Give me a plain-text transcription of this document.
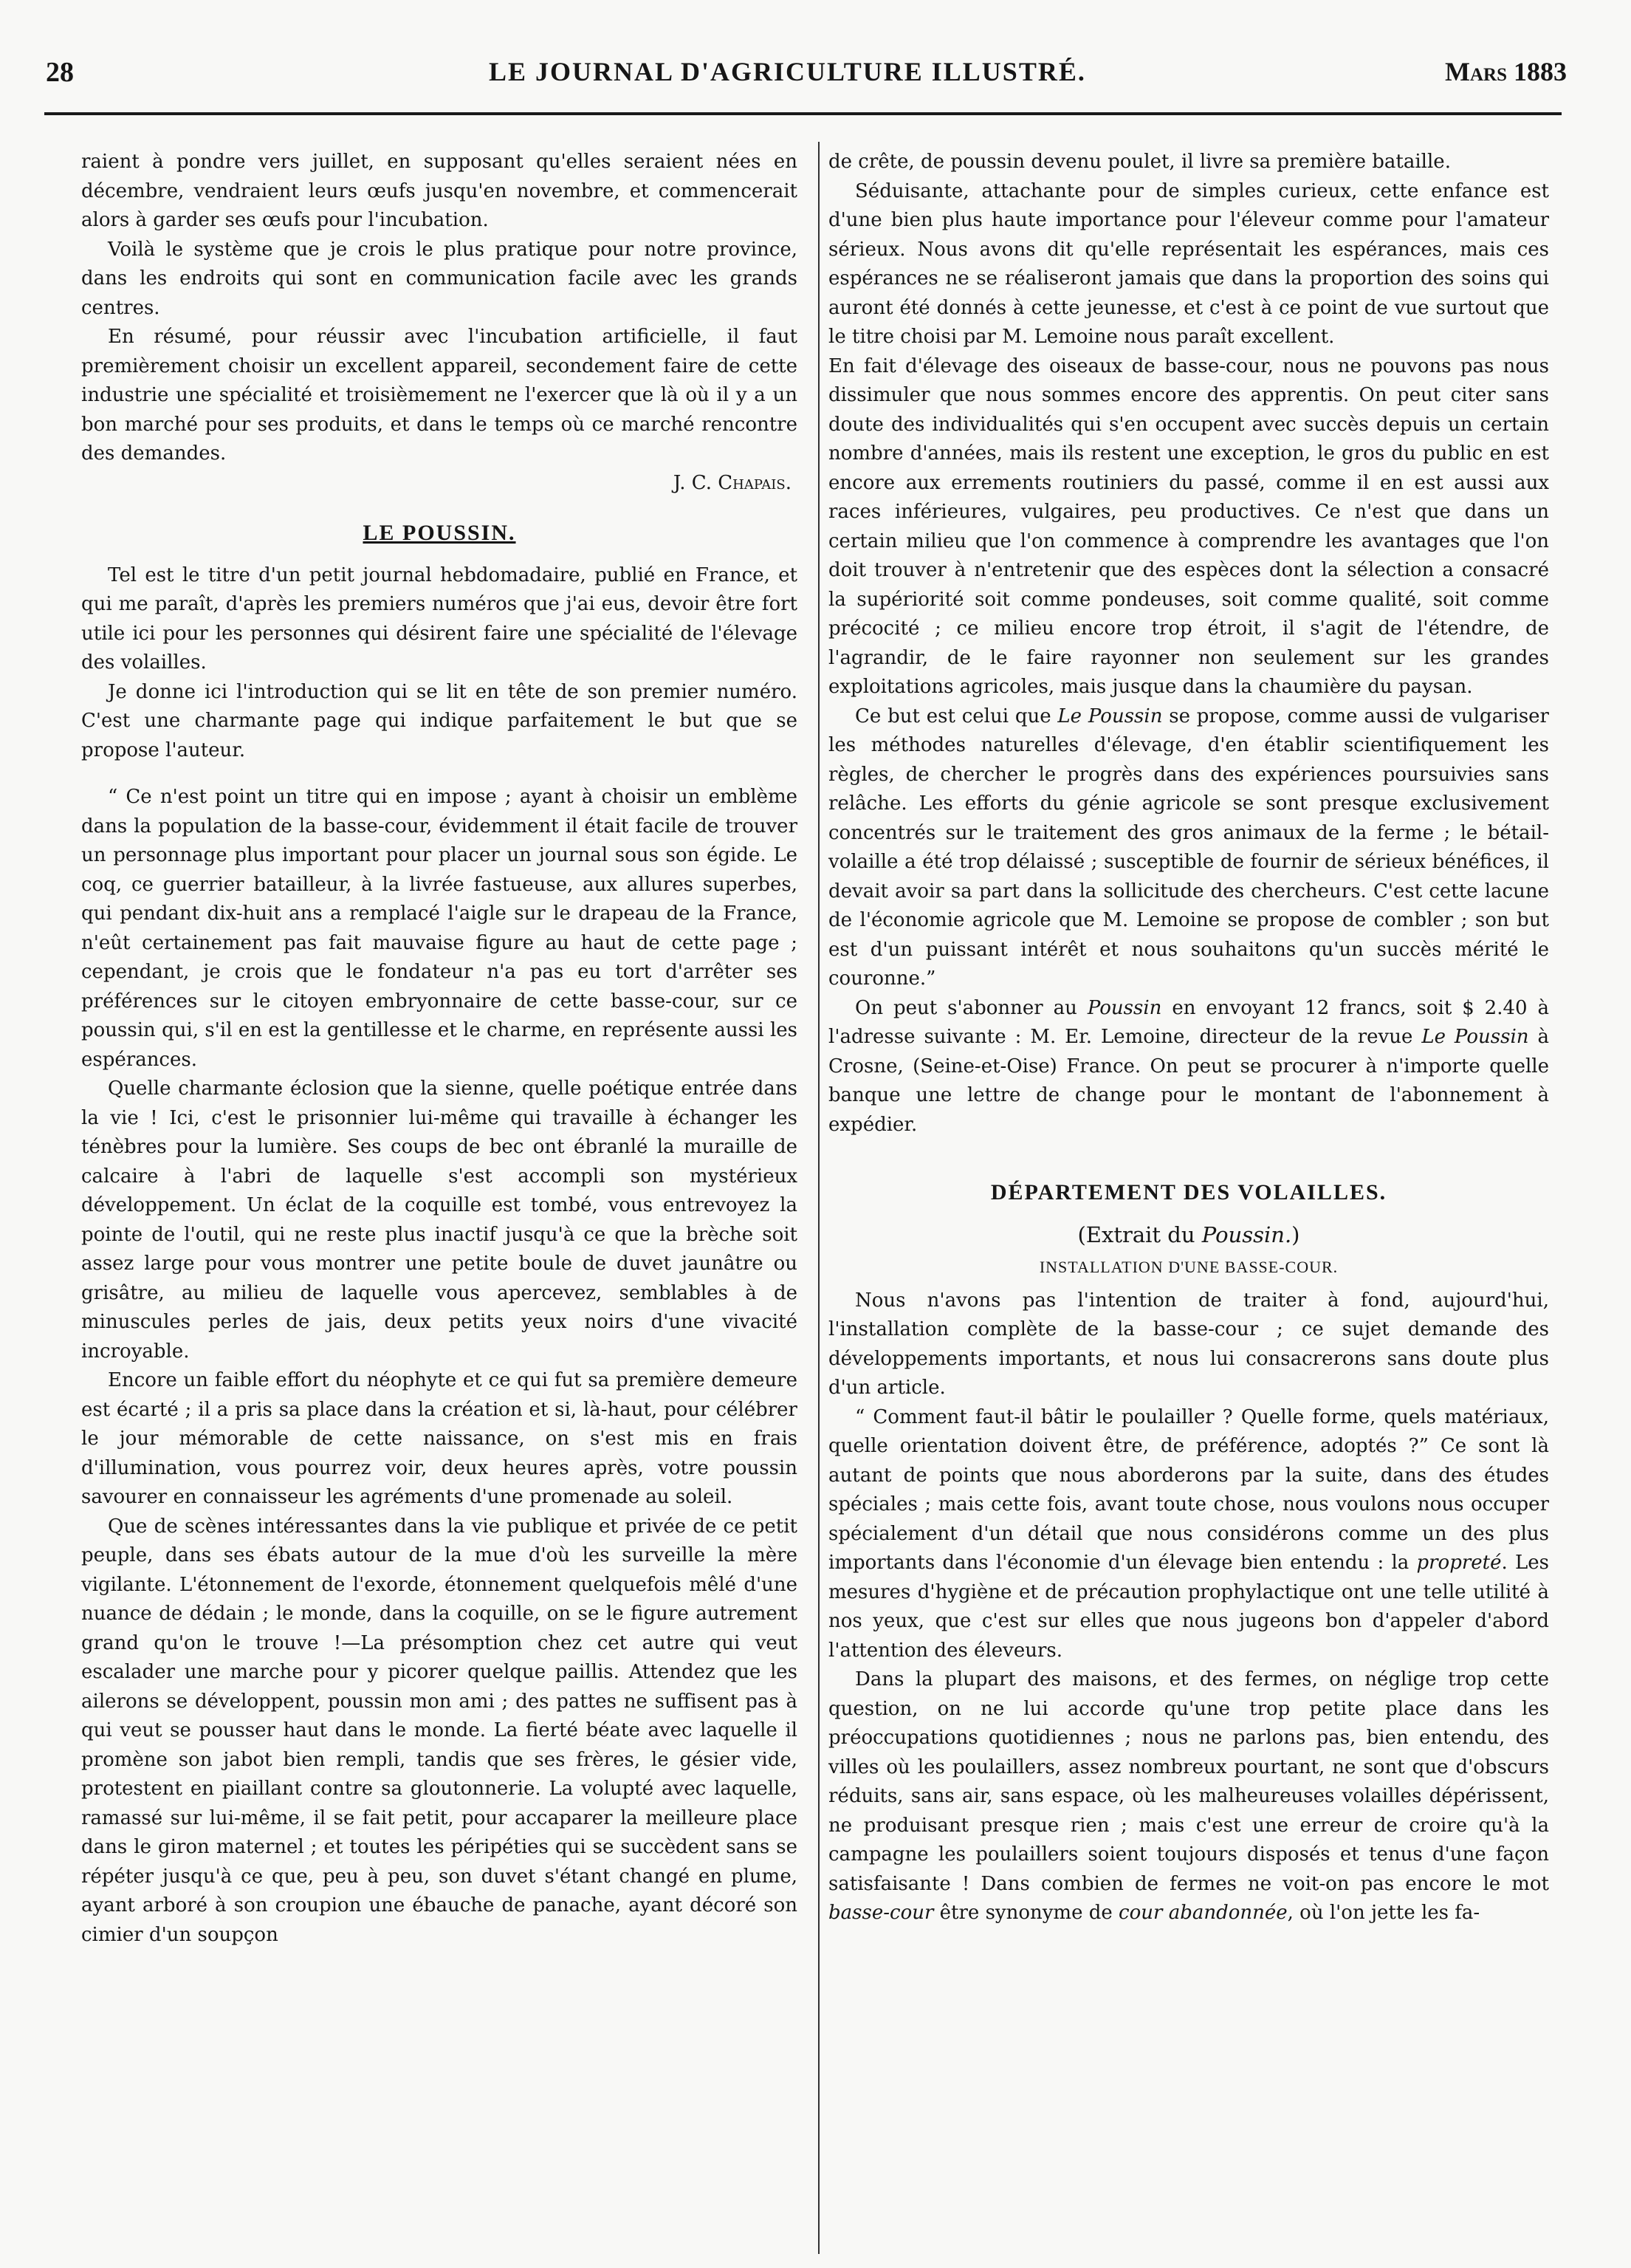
28	LE JOURNAL D'AGRICULTURE ILLUSTRÉ.	Mars 1883

raient à pondre vers juillet, en supposant qu'elles seraient nées en décembre, vendraient leurs œufs jusqu'en novembre, et commencerait alors à garder ses œufs pour l'incubation.

Voilà le système que je crois le plus pratique pour notre province, dans les endroits qui sont en communication facile avec les grands centres.

En résumé, pour réussir avec l'incubation artificielle, il faut premièrement choisir un excellent appareil, secondement faire de cette industrie une spécialité et troisièmement ne l'exercer que là où il y a un bon marché pour ses produits, et dans le temps où ce marché rencontre des demandes.

J. C. Chapais.

LE POUSSIN.

Tel est le titre d'un petit journal hebdomadaire, publié en France, et qui me paraît, d'après les premiers numéros que j'ai eus, devoir être fort utile ici pour les personnes qui désirent faire une spécialité de l'élevage des volailles.

Je donne ici l'introduction qui se lit en tête de son premier numéro. C'est une charmante page qui indique parfaitement le but que se propose l'auteur.

“ Ce n'est point un titre qui en impose ; ayant à choisir un emblème dans la population de la basse-cour, évidemment il était facile de trouver un personnage plus important pour placer un journal sous son égide. Le coq, ce guerrier batailleur, à la livrée fastueuse, aux allures superbes, qui pendant dix-huit ans a remplacé l'aigle sur le drapeau de la France, n'eût certainement pas fait mauvaise figure au haut de cette page ; cependant, je crois que le fondateur n'a pas eu tort d'arrêter ses préférences sur le citoyen embryonnaire de cette basse-cour, sur ce poussin qui, s'il en est la gentillesse et le charme, en représente aussi les espérances.

Quelle charmante éclosion que la sienne, quelle poétique entrée dans la vie ! Ici, c'est le prisonnier lui-même qui travaille à échanger les ténèbres pour la lumière. Ses coups de bec ont ébranlé la muraille de calcaire à l'abri de laquelle s'est accompli son mystérieux développement. Un éclat de la coquille est tombé, vous entrevoyez la pointe de l'outil, qui ne reste plus inactif jusqu'à ce que la brèche soit assez large pour vous montrer une petite boule de duvet jaunâtre ou grisâtre, au milieu de laquelle vous apercevez, semblables à de minuscules perles de jais, deux petits yeux noirs d'une vivacité incroyable.

Encore un faible effort du néophyte et ce qui fut sa première demeure est écarté ; il a pris sa place dans la création et si, là-haut, pour célébrer le jour mémorable de cette naissance, on s'est mis en frais d'illumination, vous pourrez voir, deux heures après, votre poussin savourer en connaisseur les agréments d'une promenade au soleil.

Que de scènes intéressantes dans la vie publique et privée de ce petit peuple, dans ses ébats autour de la mue d'où les surveille la mère vigilante. L'étonnement de l'exorde, étonnement quelquefois mêlé d'une nuance de dédain ; le monde, dans la coquille, on se le figure autrement grand qu'on le trouve !—La présomption chez cet autre qui veut escalader une marche pour y picorer quelque paillis. Attendez que les ailerons se développent, poussin mon ami ; des pattes ne suffisent pas à qui veut se pousser haut dans le monde. La fierté béate avec laquelle il promène son jabot bien rempli, tandis que ses frères, le gésier vide, protestent en piaillant contre sa gloutonnerie. La volupté avec laquelle, ramassé sur lui-même, il se fait petit, pour accaparer la meilleure place dans le giron maternel ; et toutes les péripéties qui se succèdent sans se répéter jusqu'à ce que, peu à peu, son duvet s'étant changé en plume, ayant arboré à son croupion une ébauche de panache, ayant décoré son cimier d'un soupçon

de crête, de poussin devenu poulet, il livre sa première bataille.

Séduisante, attachante pour de simples curieux, cette enfance est d'une bien plus haute importance pour l'éleveur comme pour l'amateur sérieux. Nous avons dit qu'elle représentait les espérances, mais ces espérances ne se réaliseront jamais que dans la proportion des soins qui auront été donnés à cette jeunesse, et c'est à ce point de vue surtout que le titre choisi par M. Lemoine nous paraît excellent.

En fait d'élevage des oiseaux de basse-cour, nous ne pouvons pas nous dissimuler que nous sommes encore des apprentis. On peut citer sans doute des individualités qui s'en occupent avec succès depuis un certain nombre d'années, mais ils restent une exception, le gros du public en est encore aux errements routiniers du passé, comme il en est aussi aux races inférieures, vulgaires, peu productives. Ce n'est que dans un certain milieu que l'on commence à comprendre les avantages que l'on doit trouver à n'entretenir que des espèces dont la sélection a consacré la supériorité soit comme pondeuses, soit comme qualité, soit comme précocité ; ce milieu encore trop étroit, il s'agit de l'étendre, de l'agrandir, de le faire rayonner non seulement sur les grandes exploitations agricoles, mais jusque dans la chaumière du paysan.

Ce but est celui que Le Poussin se propose, comme aussi de vulgariser les méthodes naturelles d'élevage, d'en établir scientifiquement les règles, de chercher le progrès dans des expériences poursuivies sans relâche. Les efforts du génie agricole se sont presque exclusivement concentrés sur le traitement des gros animaux de la ferme ; le bétail-volaille a été trop délaissé ; susceptible de fournir de sérieux bénéfices, il devait avoir sa part dans la sollicitude des chercheurs. C'est cette lacune de l'économie agricole que M. Lemoine se propose de combler ; son but est d'un puissant intérêt et nous souhaitons qu'un succès mérité le couronne.”

On peut s'abonner au Poussin en envoyant 12 francs, soit $ 2.40 à l'adresse suivante : M. Er. Lemoine, directeur de la revue Le Poussin à Crosne, (Seine-et-Oise) France. On peut se procurer à n'importe quelle banque une lettre de change pour le montant de l'abonnement à expédier.

DÉPARTEMENT DES VOLAILLES.
(Extrait du Poussin.)
INSTALLATION D'UNE BASSE-COUR.

Nous n'avons pas l'intention de traiter à fond, aujourd'hui, l'installation complète de la basse-cour ; ce sujet demande des développements importants, et nous lui consacrerons sans doute plus d'un article.

“ Comment faut-il bâtir le poulailler ? Quelle forme, quels matériaux, quelle orientation doivent être, de préférence, adoptés ?” Ce sont là autant de points que nous aborderons par la suite, dans des études spéciales ; mais cette fois, avant toute chose, nous voulons nous occuper spécialement d'un détail que nous considérons comme un des plus importants dans l'économie d'un élevage bien entendu : la propreté. Les mesures d'hygiène et de précaution prophylactique ont une telle utilité à nos yeux, que c'est sur elles que nous jugeons bon d'appeler d'abord l'attention des éleveurs.

Dans la plupart des maisons, et des fermes, on néglige trop cette question, on ne lui accorde qu'une trop petite place dans les préoccupations quotidiennes ; nous ne parlons pas, bien entendu, des villes où les poulaillers, assez nombreux pourtant, ne sont que d'obscurs réduits, sans air, sans espace, où les malheureuses volailles dépérissent, ne produisant presque rien ; mais c'est une erreur de croire qu'à la campagne les poulaillers soient toujours disposés et tenus d'une façon satisfaisante ! Dans combien de fermes ne voit-on pas encore le mot basse-cour être synonyme de cour abandonnée, où l'on jette les fa-
